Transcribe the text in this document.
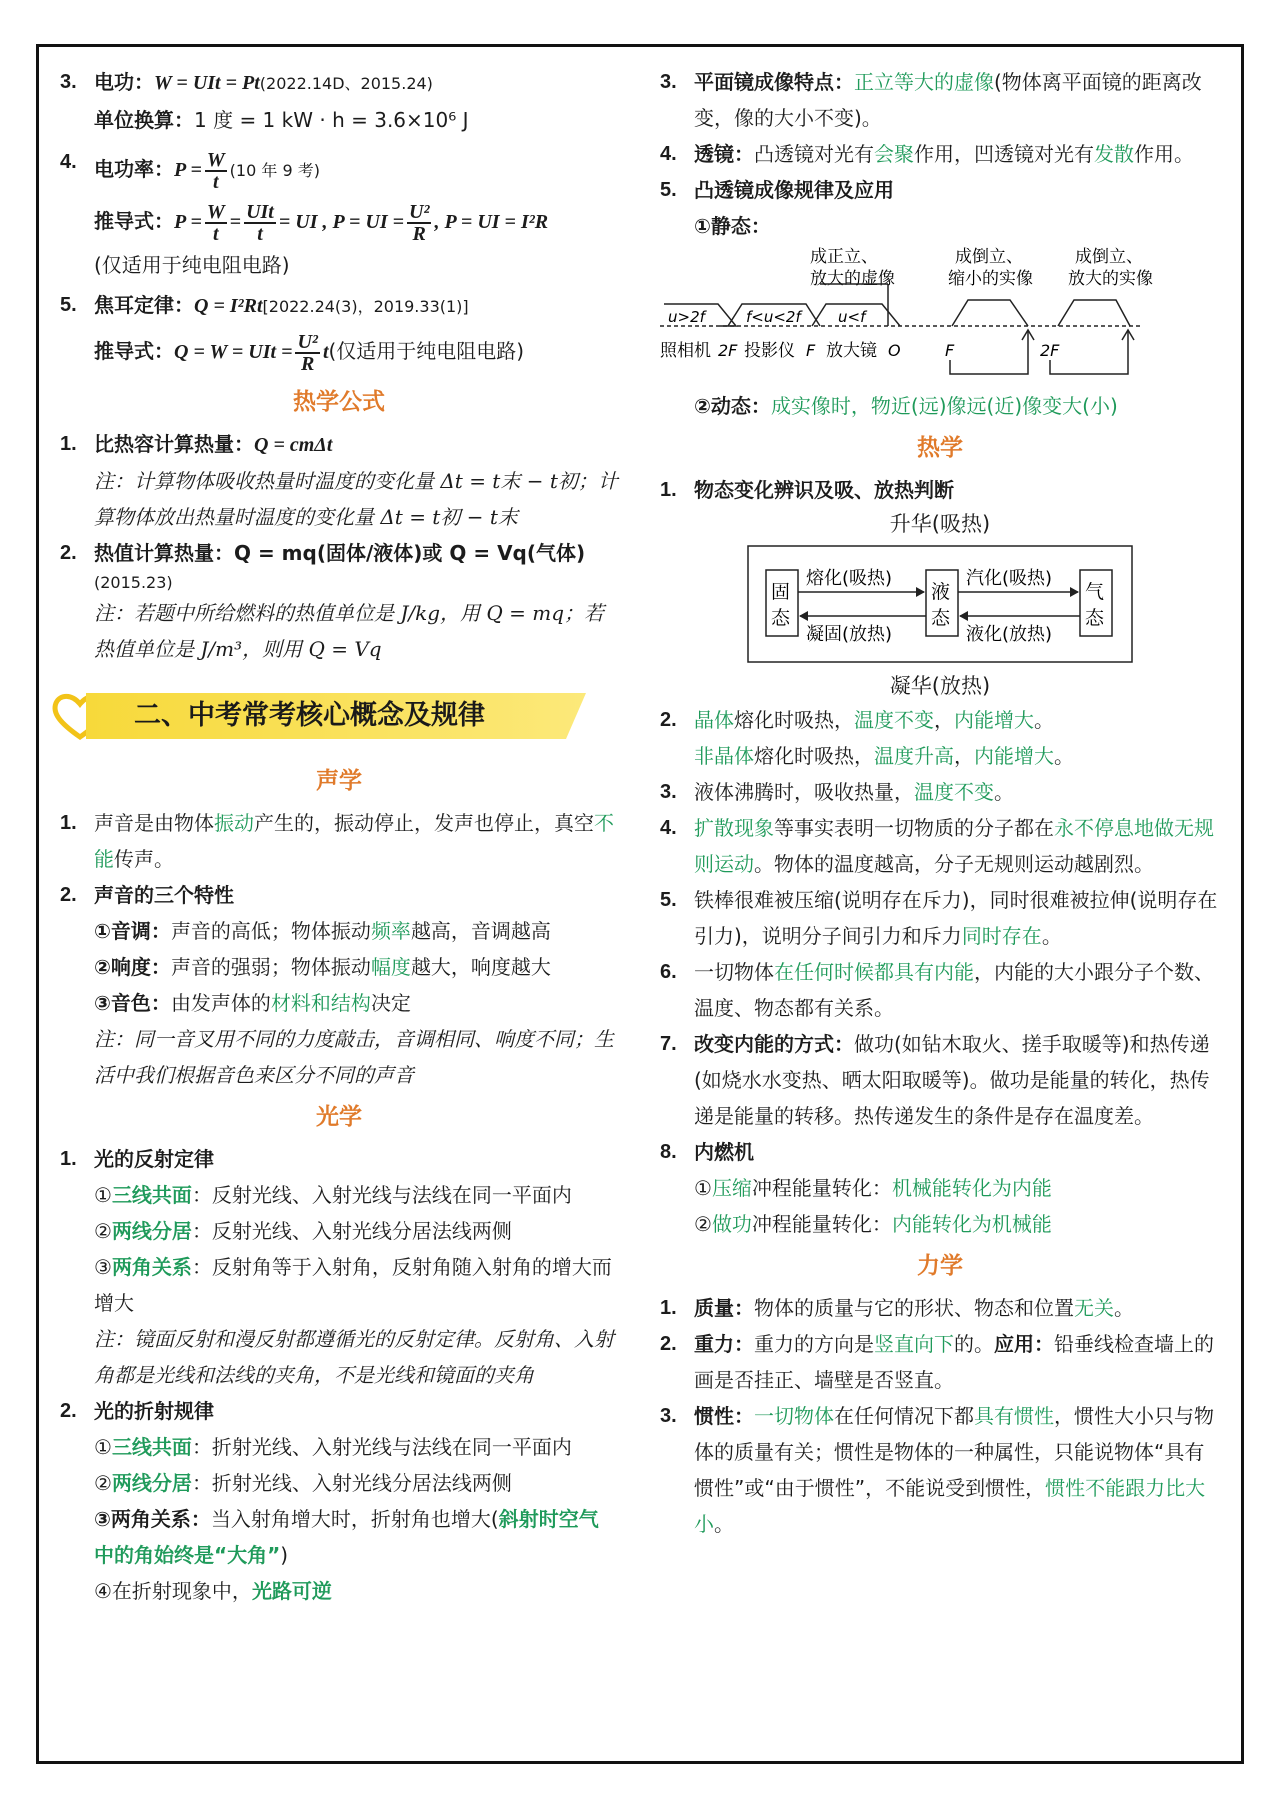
3. 电功：W = UIt = Pt(2022.14D、2015.24)
单位换算：1 度 = 1 kW · h = 3.6×10⁶ J
4. 电功率：$P = \frac{W}{t} (10$ 年 9 考)
推导式：$P = \frac{W}{t} = \frac{\text{UIt}}{t}$ = UI , P = UI = $\frac{\text{U²}}{R}$ , P = UI = I²R
(仅适用于纯电阻电路)
5. 焦耳定律：Q = I²Rt[2022.24(3)，2019.33(1)]
推导式：Q = W = UIt = $\frac{\text{U²}}{R} t$(仅适用于纯电阻电路)
热学公式
1. 比热容计算热量：Q = cmΔt
注：计算物体吸收热量时温度的变化量 Δt = t末 − t初；计算物体放出热量时温度的变化量 Δt = t初 − t末
2. 热值计算热量：Q = mq(固体/液体)或 Q = Vq(气体)
(2015.23)
注：若题中所给燃料的热值单位是 J/kg，用 Q = mq；若热值单位是 J/m³，则用 Q = Vq
二、中考常考核心概念及规律
声学
1. 声音是由物体振动产生的，振动停止，发声也停止，真空不能传声。
2. 声音的三个特性
①音调：声音的高低；物体振动频率越高，音调越高
②响度：声音的强弱；物体振动幅度越大，响度越大
③音色：由发声体的材料和结构决定
注：同一音叉用不同的力度敲击，音调相同、响度不同；生活中我们根据音色来区分不同的声音
光学
1. 光的反射定律
①三线共面：反射光线、入射光线与法线在同一平面内
②两线分居：反射光线、入射光线分居法线两侧
③两角关系：反射角等于入射角，反射角随入射角的增大而增大
注：镜面反射和漫反射都遵循光的反射定律。反射角、入射角都是光线和法线的夹角，不是光线和镜面的夹角
2. 光的折射规律
①三线共面：折射光线、入射光线与法线在同一平面内
②两线分居：折射光线、入射光线分居法线两侧
③两角关系：当入射角增大时，折射角也增大(斜射时空气中的角始终是“大角”)
④在折射现象中，光路可逆
3. 平面镜成像特点：正立等大的虚像(物体离平面镜的距离改变，像的大小不变)。
4. 透镜：凸透镜对光有会聚作用，凹透镜对光有发散作用。
5. 凸透镜成像规律及应用
①静态：
成正立、
放大的虚像
成倒立、
缩小的实像
成倒立、
放大的实像
u>2f	f<u<2f u<f
照相机 2F 投影仪 F 放大镜 O	F	2F
②动态：成实像时，物近(远)像远(近)像变大(小)
热学
1. 物态变化辨识及吸、放热判断
升华(吸热)
固
态
液
态
气
态
熔化(吸热)
凝固(放热)
汽化(吸热)
液化(放热)
凝华(放热)
2. 晶体熔化时吸热，温度不变，内能增大。
非晶体熔化时吸热，温度升高，内能增大。
3. 液体沸腾时，吸收热量，温度不变。
4. 扩散现象等事实表明一切物质的分子都在永不停息地做无规则运动。物体的温度越高，分子无规则运动越剧烈。
5. 铁棒很难被压缩(说明存在斥力)，同时很难被拉伸(说明存在引力)，说明分子间引力和斥力同时存在。
6. 一切物体在任何时候都具有内能，内能的大小跟分子个数、温度、物态都有关系。
7. 改变内能的方式：做功(如钻木取火、搓手取暖等)和热传递(如烧水水变热、晒太阳取暖等)。做功是能量的转化，热传递是能量的转移。热传递发生的条件是存在温度差。
8. 内燃机
①压缩冲程能量转化：机械能转化为内能
②做功冲程能量转化：内能转化为机械能
力学
1. 质量：物体的质量与它的形状、物态和位置无关。
2. 重力：重力的方向是竖直向下的。应用：铅垂线检查墙上的画是否挂正、墙壁是否竖直。
3. 惯性：一切物体在任何情况下都具有惯性，惯性大小只与物体的质量有关；惯性是物体的一种属性，只能说物体“具有惯性”或“由于惯性”，不能说受到惯性，惯性不能跟力比大小。
